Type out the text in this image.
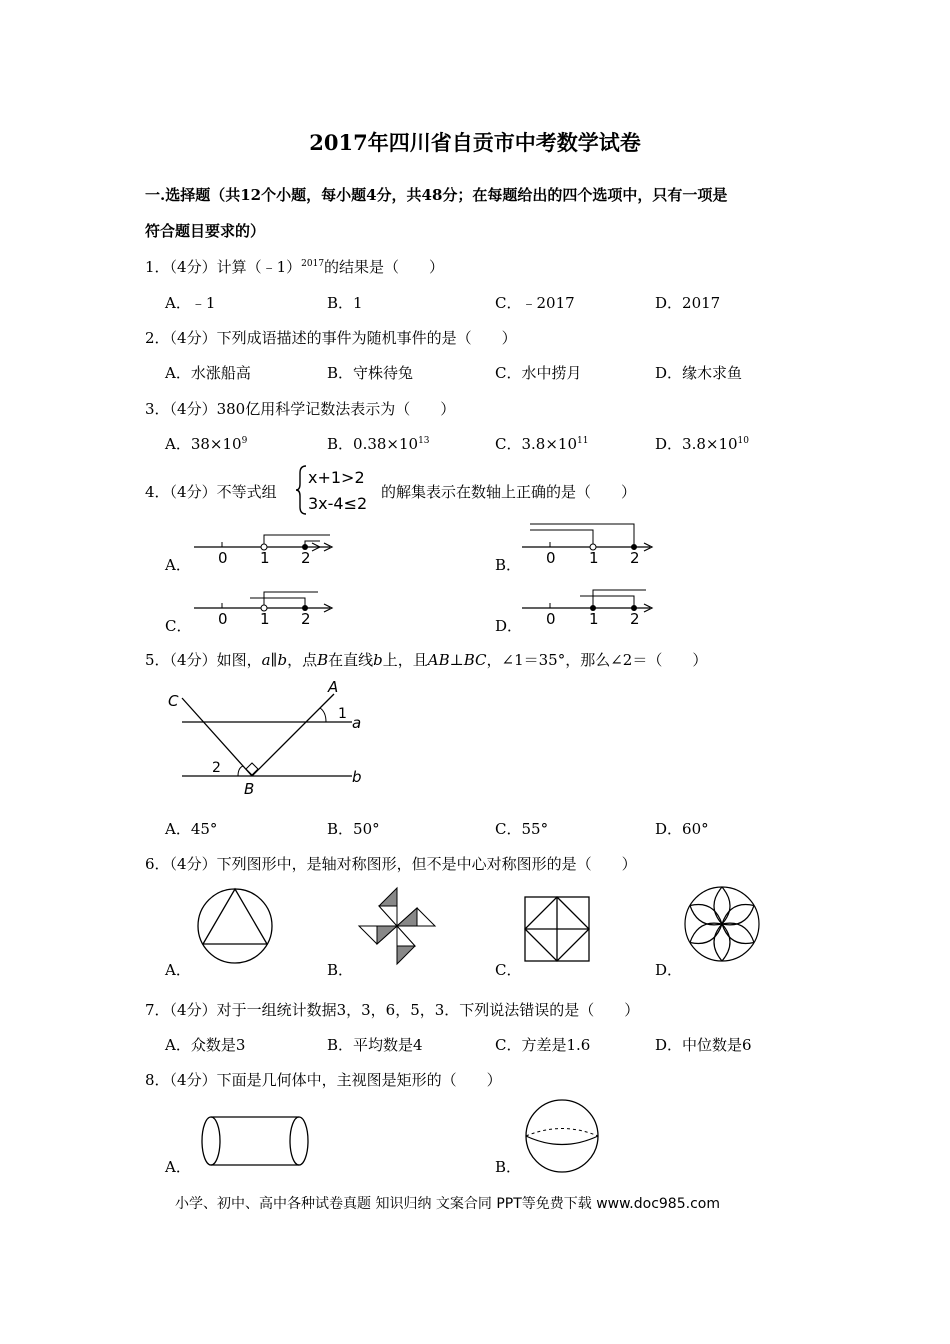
2017年四川省自贡市中考数学试卷
一.选择题（共12个小题，每小题4分，共48分；在每题给出的四个选项中，只有一项是
符合题目要求的）
1．（4分）计算（﹣1）$^{2017}$的结果是（　　）
A．﹣1	B．1	C．﹣2017	D．2017
2．（4分）下列成语描述的事件为随机事件的是（　　）
A．水涨船高	B．守株待兔	C．水中捞月	D．缘木求鱼
3．（4分）380亿用科学记数法表示为（　　）
A．$38\times 10^9$	B．$0.38\times 10^{13}$	C．$3.8\times 10^{11}$	D．$3.8\times 10^{10}$
4．（4分）不等式组
x+1>2
3x-4≤2
的解集表示在数轴上正确的是（　　）
A． 0 1 2	B． 0 1 2
C． 0 1 2	D． 0 1 2
5．（4分）如图，a∥b，点B在直线b上，且AB⊥BC，∠1＝35°，那么∠2＝（　　）
C
A
1 a
2
B
b
A．45°	B．50°	C．55°	D．60°
6．（4分）下列图形中，是轴对称图形，但不是中心对称图形的是（　　）
A．	B．	C．	D．
7．（4分）对于一组统计数据3，3，6，5，3．下列说法错误的是（　　）
A．众数是3	B．平均数是4	C．方差是1.6	D．中位数是6
8．（4分）下面是几何体中，主视图是矩形的（　　）
A．	B．
小学、初中、高中各种试卷真题 知识归纳 文案合同 PPT等免费下载 www.doc985.com
